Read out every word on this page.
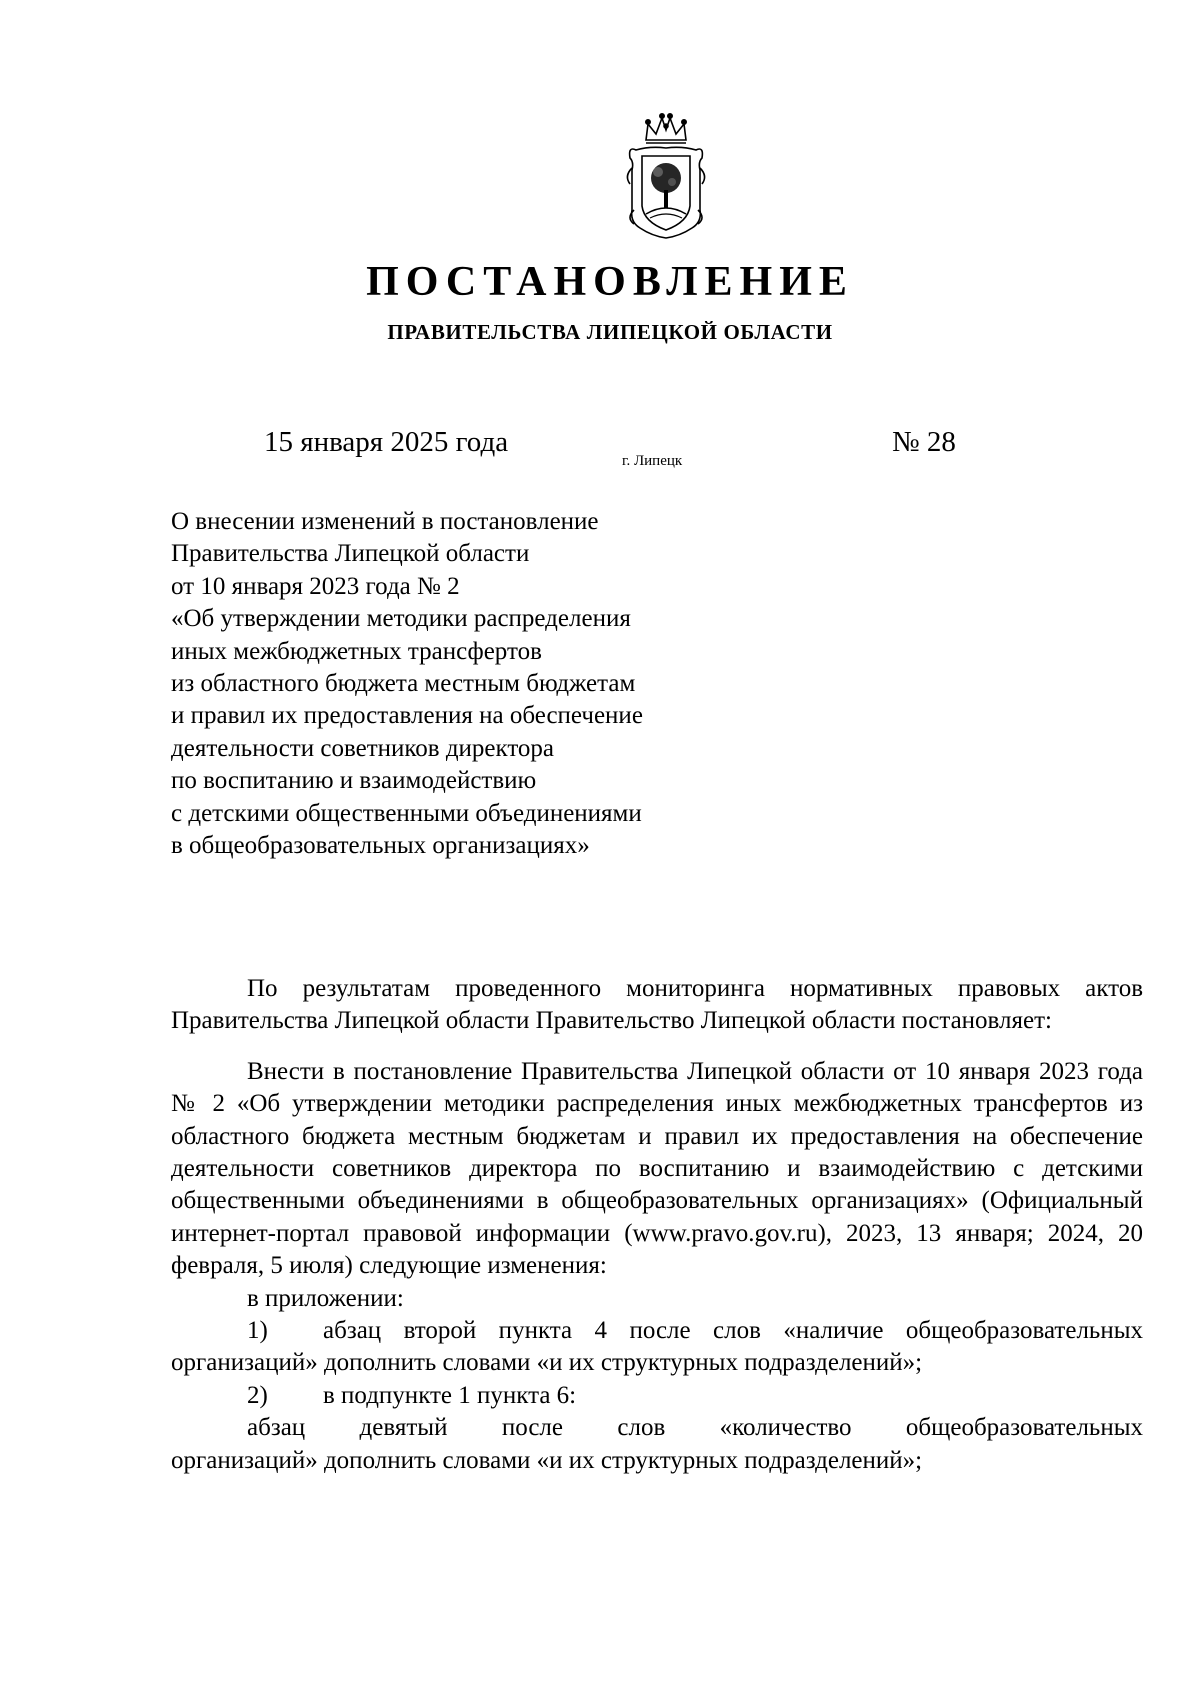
ПОСТАНОВЛЕНИЕ
ПРАВИТЕЛЬСТВА ЛИПЕЦКОЙ ОБЛАСТИ
15 января 2025 года
г. Липецк
№ 28
О внесении изменений в постановление
Правительства Липецкой области
от 10 января 2023 года № 2
«Об утверждении методики распределения
иных межбюджетных трансфертов
из областного бюджета местным бюджетам
и правил их предоставления на обеспечение
деятельности советников директора
по воспитанию и взаимодействию
с детскими общественными объединениями
в общеобразовательных организациях»

По результатам проведенного мониторинга нормативных правовых актов Правительства Липецкой области Правительство Липецкой области постановляет:

Внести в постановление Правительства Липецкой области от 10 января 2023 года № 2 «Об утверждении методики распределения иных межбюджетных трансфертов из областного бюджета местным бюджетам и правил их предоставления на обеспечение деятельности советников директора по воспитанию и взаимодействию с детскими общественными объединениями в общеобразовательных организациях» (Официальный интернет-портал правовой информации (www.pravo.gov.ru), 2023, 13 января; 2024, 20 февраля, 5 июля) следующие изменения:

в приложении:

1)	абзац второй пункта 4 после слов «наличие общеобразовательных

организаций» дополнить словами «и их структурных подразделений»;

2)	в подпункте 1 пункта 6:

абзац девятый после слов «количество общеобразовательных

организаций» дополнить словами «и их структурных подразделений»;
